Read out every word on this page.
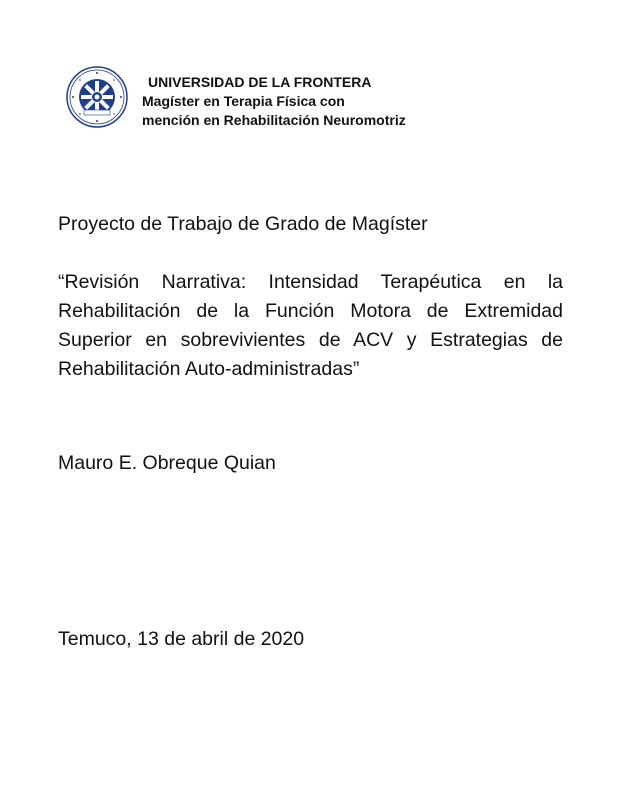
UNIVERSIDAD DE LA FRONTERA
Magíster en Terapia Física con
mención en Rehabilitación Neuromotriz
Proyecto de Trabajo de Grado de Magíster
“Revisión Narrativa: Intensidad Terapéutica en la Rehabilitación de la Función Motora de Extremidad Superior en sobrevivientes de ACV y Estrategias de Rehabilitación Auto-administradas”
Mauro E. Obreque Quian
Temuco, 13 de abril de 2020
